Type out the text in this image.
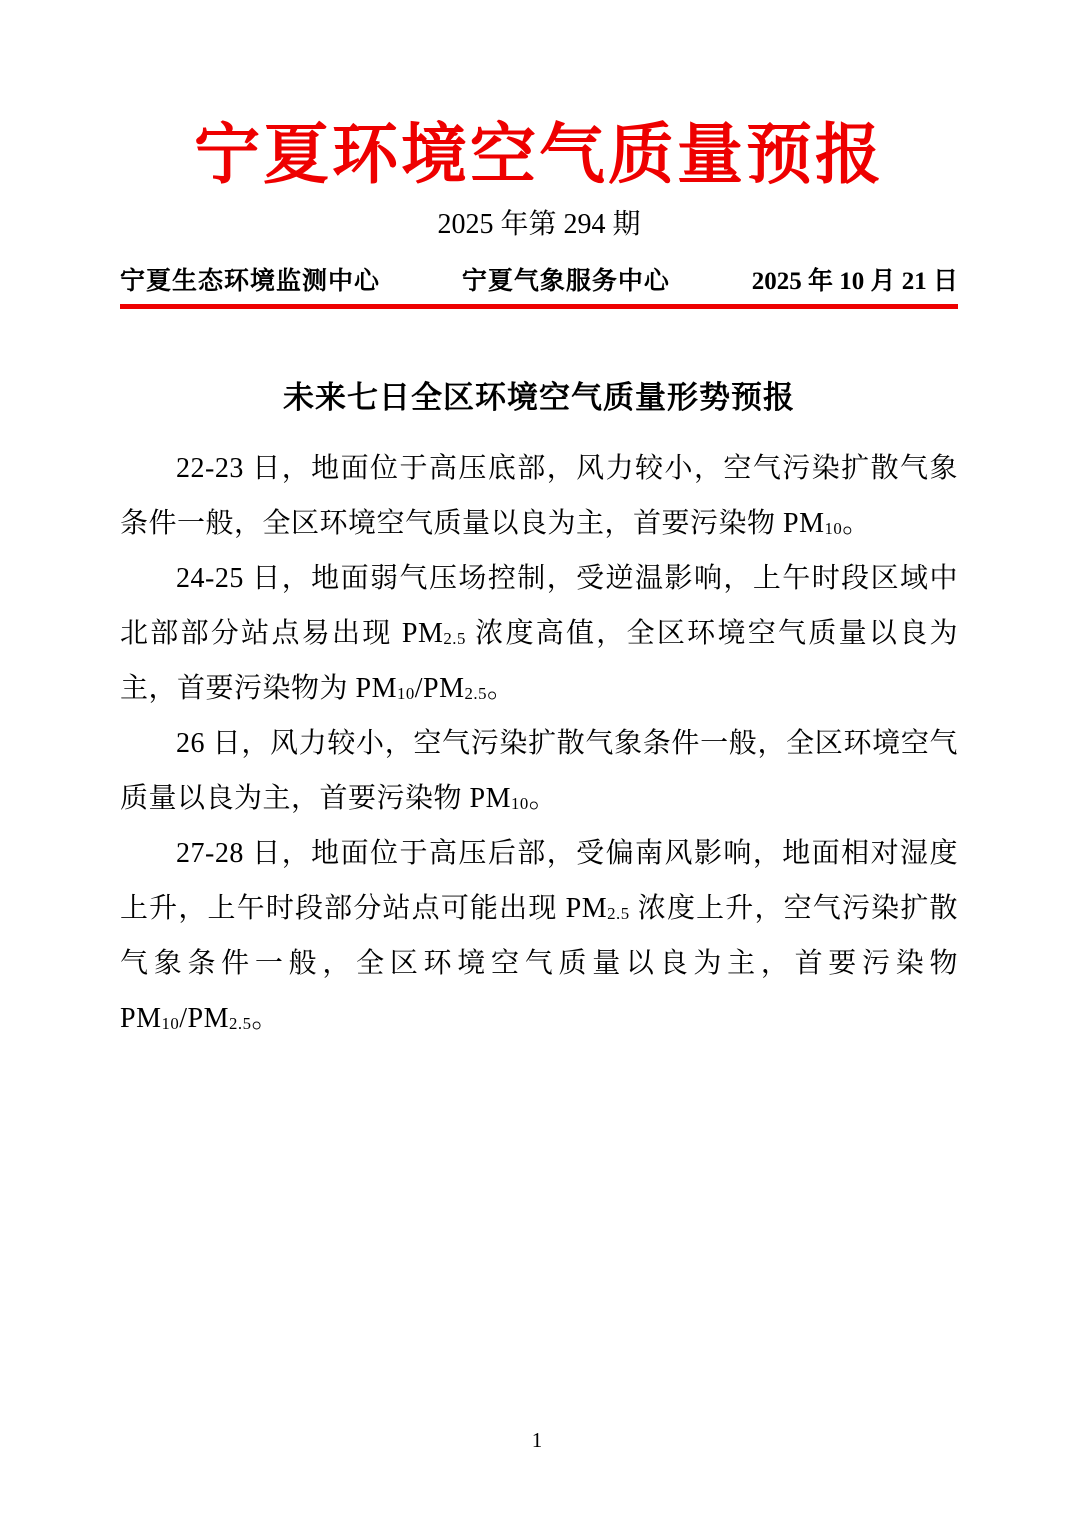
宁夏环境空气质量预报
2025 年第 294 期
宁夏生态环境监测中心	宁夏气象服务中心	2025 年 10 月 21 日
未来七日全区环境空气质量形势预报

22-23 日，地面位于高压底部，风力较小，空气污染扩散气象条件一般，全区环境空气质量以良为主，首要污染物 $PM_{10}$。

24-25 日，地面弱气压场控制，受逆温影响，上午时段区域中北部部分站点易出现 $PM_{2.5}$ 浓度高值，全区环境空气质量以良为主，首要污染物为 $PM_{10}/PM_{2.5}$。

26 日，风力较小，空气污染扩散气象条件一般，全区环境空气质量以良为主，首要污染物 $PM_{10}$。

27-28 日，地面位于高压后部，受偏南风影响，地面相对湿度上升，上午时段部分站点可能出现 $PM_{2.5}$ 浓度上升，空气污染扩散气象条件一般，全区环境空气质量以良为主，首要污染物 $PM_{10}/PM_{2.5}$。

1
